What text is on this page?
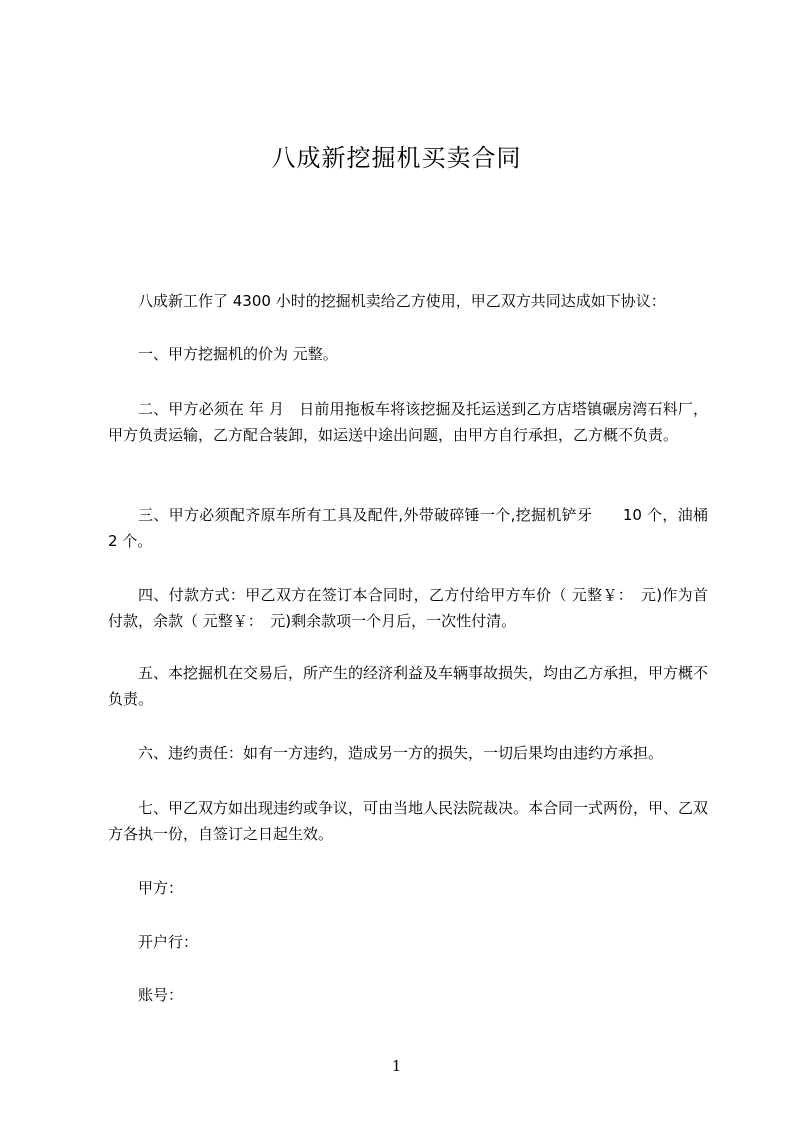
八成新挖掘机买卖合同

八成新工作了 4300 小时的挖掘机卖给乙方使用，甲乙双方共同达成如下协议：

一、甲方挖掘机的价为 元整。

二、甲方必须在 年 月　日前用拖板车将该挖掘及托运送到乙方店塔镇碾房湾石料厂，甲方负责运输，乙方配合装卸，如运送中途出问题，由甲方自行承担，乙方概不负责。

三、甲方必须配齐原车所有工具及配件,外带破碎锤一个,挖掘机铲牙　　10 个，油桶 2 个。

四、付款方式：甲乙双方在签订本合同时，乙方付给甲方车价（ 元整￥：　元)作为首付款，余款（ 元整￥：　元)剩余款项一个月后，一次性付清。

五、本挖掘机在交易后，所产生的经济利益及车辆事故损失，均由乙方承担，甲方概不负责。

六、违约责任：如有一方违约，造成另一方的损失，一切后果均由违约方承担。

七、甲乙双方如出现违约或争议，可由当地人民法院裁决。本合同一式两份，甲、乙双方各执一份，自签订之日起生效。

甲方：

开户行：

账号：

1
